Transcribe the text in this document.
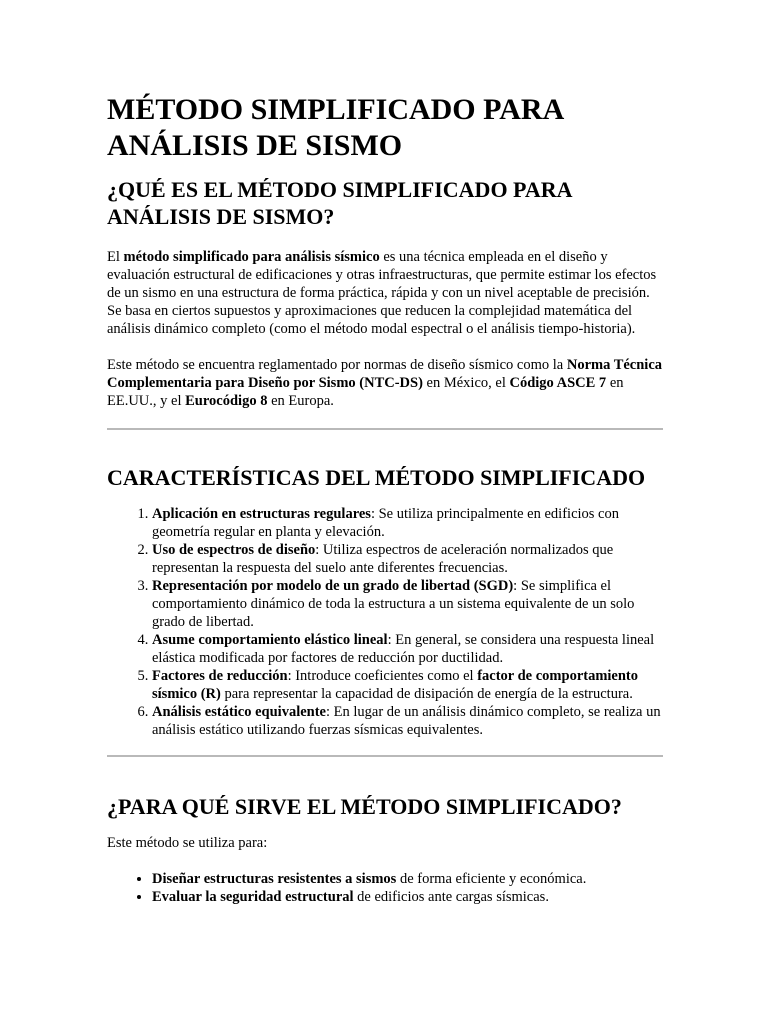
MÉTODO SIMPLIFICADO PARA ANÁLISIS DE SISMO
¿QUÉ ES EL MÉTODO SIMPLIFICADO PARA ANÁLISIS DE SISMO?

El método simplificado para análisis sísmico es una técnica empleada en el diseño y evaluación estructural de edificaciones y otras infraestructuras, que permite estimar los efectos de un sismo en una estructura de forma práctica, rápida y con un nivel aceptable de precisión. Se basa en ciertos supuestos y aproximaciones que reducen la complejidad matemática del análisis dinámico completo (como el método modal espectral o el análisis tiempo-historia).

Este método se encuentra reglamentado por normas de diseño sísmico como la Norma Técnica Complementaria para Diseño por Sismo (NTC-DS) en México, el Código ASCE 7 en EE.UU., y el Eurocódigo 8 en Europa.

CARACTERÍSTICAS DEL MÉTODO SIMPLIFICADO
1. Aplicación en estructuras regulares: Se utiliza principalmente en edificios con geometría regular en planta y elevación.
2. Uso de espectros de diseño: Utiliza espectros de aceleración normalizados que representan la respuesta del suelo ante diferentes frecuencias.
3. Representación por modelo de un grado de libertad (SGD): Se simplifica el comportamiento dinámico de toda la estructura a un sistema equivalente de un solo grado de libertad.
4. Asume comportamiento elástico lineal: En general, se considera una respuesta lineal elástica modificada por factores de reducción por ductilidad.
5. Factores de reducción: Introduce coeficientes como el factor de comportamiento sísmico (R) para representar la capacidad de disipación de energía de la estructura.
6. Análisis estático equivalente: En lugar de un análisis dinámico completo, se realiza un análisis estático utilizando fuerzas sísmicas equivalentes.
¿PARA QUÉ SIRVE EL MÉTODO SIMPLIFICADO?

Este método se utiliza para:

• Diseñar estructuras resistentes a sismos de forma eficiente y económica.
• Evaluar la seguridad estructural de edificios ante cargas sísmicas.
